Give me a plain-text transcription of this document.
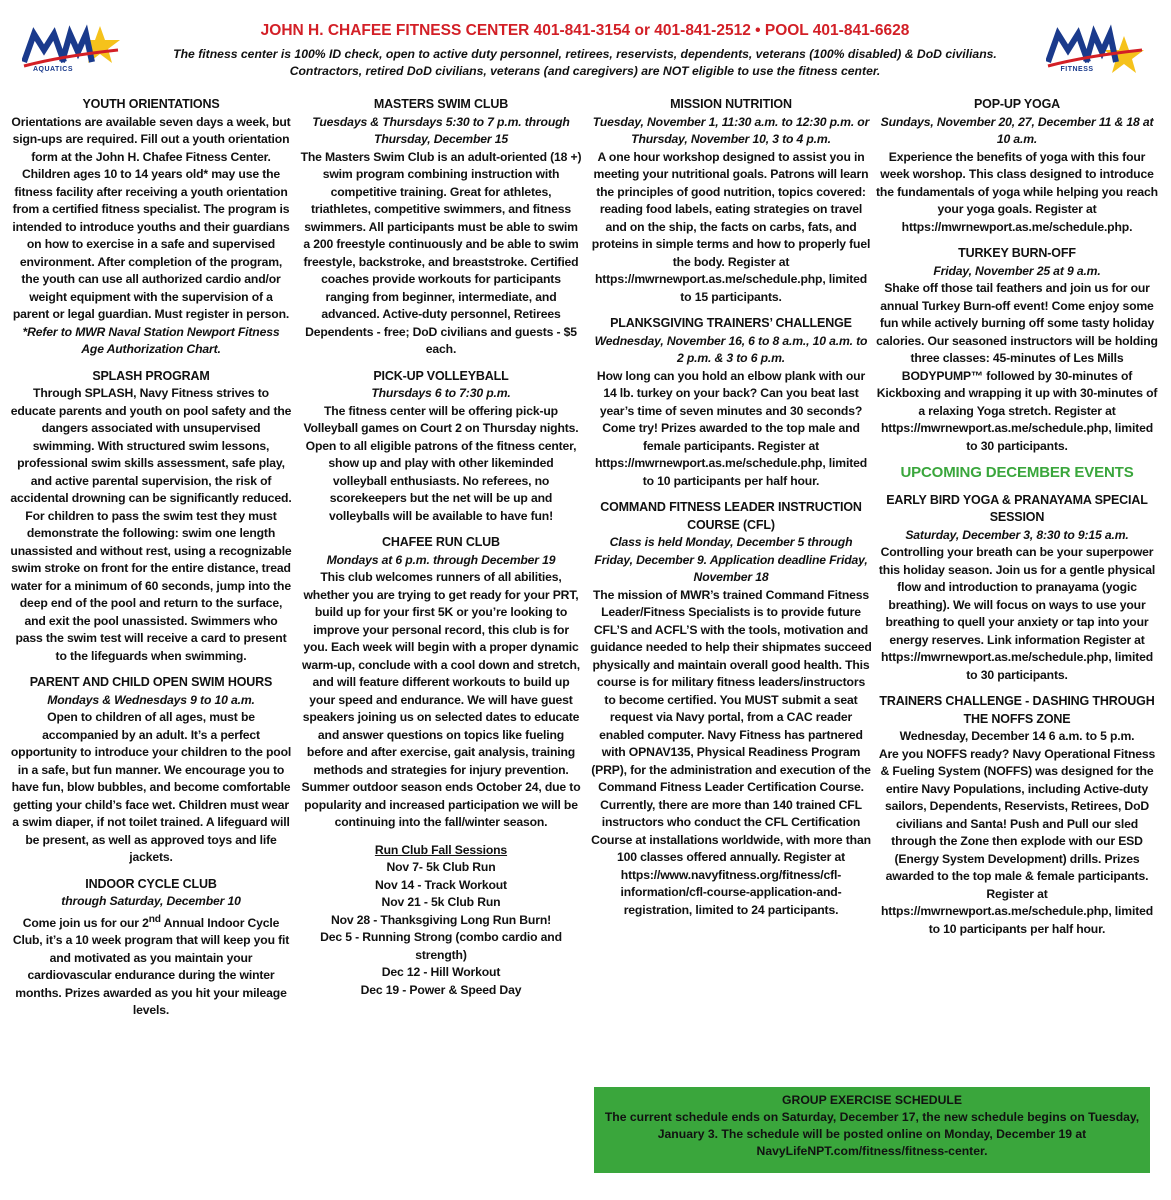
AQUATICS
JOHN H. CHAFEE FITNESS CENTER 401-841-3154 or 401-841-2512 • POOL 401-841-6628
The fitness center is 100% ID check, open to active duty personnel, retirees, reservists, dependents, veterans (100% disabled) & DoD civilians.
Contractors, retired DoD civilians, veterans (and caregivers) are NOT eligible to use the fitness center.	FITNESS

YOUTH ORIENTATIONS

Orientations are available seven days a week, but sign-ups are required. Fill out a youth orientation form at the John H. Chafee Fitness Center. Children ages 10 to 14 years old* may use the fitness facility after receiving a youth orientation from a certified fitness specialist. The program is intended to introduce youths and their guardians on how to exercise in a safe and supervised environment. After completion of the program, the youth can use all authorized cardio and/or weight equipment with the supervision of a parent or legal guardian. Must register in person. *Refer to MWR Naval Station Newport Fitness Age Authorization Chart.

SPLASH PROGRAM

Through SPLASH, Navy Fitness strives to educate parents and youth on pool safety and the dangers associated with unsupervised swimming. With structured swim lessons, professional swim skills assessment, safe play, and active parental supervision, the risk of accidental drowning can be significantly reduced. For children to pass the swim test they must demonstrate the following: swim one length unassisted and without rest, using a recognizable swim stroke on front for the entire distance, tread water for a minimum of 60 seconds, jump into the deep end of the pool and return to the surface, and exit the pool unassisted. Swimmers who pass the swim test will receive a card to present to the lifeguards when swimming.

PARENT AND CHILD OPEN SWIM HOURS

Mondays & Wednesdays 9 to 10 a.m.

Open to children of all ages, must be accompanied by an adult. It’s a perfect opportunity to introduce your children to the pool in a safe, but fun manner. We encourage you to have fun, blow bubbles, and become comfortable getting your child’s face wet. Children must wear a swim diaper, if not toilet trained. A lifeguard will be present, as well as approved toys and life jackets.

INDOOR CYCLE CLUB

through Saturday, December 10

Come join us for our 2nd Annual Indoor Cycle Club, it’s a 10 week program that will keep you fit and motivated as you maintain your cardiovascular endurance during the winter months. Prizes awarded as you hit your mileage levels.

MASTERS SWIM CLUB

Tuesdays & Thursdays 5:30 to 7 p.m. through Thursday, December 15

The Masters Swim Club is an adult-oriented (18 +) swim program combining instruction with competitive training. Great for athletes, triathletes, competitive swimmers, and fitness swimmers. All participants must be able to swim a 200 freestyle continuously and be able to swim freestyle, backstroke, and breaststroke. Certified coaches provide workouts for participants ranging from beginner, intermediate, and advanced. Active-duty personnel, Retirees Dependents - free; DoD civilians and guests - $5 each.

PICK-UP VOLLEYBALL

Thursdays 6 to 7:30 p.m.

The fitness center will be offering pick-up Volleyball games on Court 2 on Thursday nights. Open to all eligible patrons of the fitness center, show up and play with other likeminded volleyball enthusiasts. No referees, no scorekeepers but the net will be up and volleyballs will be available to have fun!

CHAFEE RUN CLUB

Mondays at 6 p.m. through December 19

This club welcomes runners of all abilities, whether you are trying to get ready for your PRT, build up for your first 5K or you’re looking to improve your personal record, this club is for you. Each week will begin with a proper dynamic warm-up, conclude with a cool down and stretch, and will feature different workouts to build up your speed and endurance. We will have guest speakers joining us on selected dates to educate and answer questions on topics like fueling before and after exercise, gait analysis, training methods and strategies for injury prevention. Summer outdoor season ends October 24, due to popularity and increased participation we will be continuing into the fall/winter season.

Run Club Fall Sessions

Nov 7- 5k Club Run
Nov 14 - Track Workout
Nov 21 - 5k Club Run
Nov 28 - Thanksgiving Long Run Burn!
Dec 5 - Running Strong (combo cardio and strength)
Dec 12 - Hill Workout
Dec 19 - Power & Speed Day

MISSION NUTRITION

Tuesday, November 1, 11:30 a.m. to 12:30 p.m. or Thursday, November 10, 3 to 4 p.m.

A one hour workshop designed to assist you in meeting your nutritional goals. Patrons will learn the principles of good nutrition, topics covered: reading food labels, eating strategies on travel and on the ship, the facts on carbs, fats, and proteins in simple terms and how to properly fuel the body. Register at https://mwrnewport.as.me/schedule.php, limited to 15 participants.

PLANKSGIVING TRAINERS’ CHALLENGE

Wednesday, November 16, 6 to 8 a.m., 10 a.m. to 2 p.m. & 3 to 6 p.m.

How long can you hold an elbow plank with our 14 lb. turkey on your back? Can you beat last year’s time of seven minutes and 30 seconds? Come try! Prizes awarded to the top male and female participants. Register at https://mwrnewport.as.me/schedule.php, limited to 10 participants per half hour.

COMMAND FITNESS LEADER INSTRUCTION COURSE (CFL)

Class is held Monday, December 5 through Friday, December 9. Application deadline Friday, November 18

The mission of MWR’s trained Command Fitness Leader/Fitness Specialists is to provide future CFL’S and ACFL’S with the tools, motivation and guidance needed to help their shipmates succeed physically and maintain overall good health. This course is for military fitness leaders/instructors to become certified. You MUST submit a seat request via Navy portal, from a CAC reader enabled computer. Navy Fitness has partnered with OPNAV135, Physical Readiness Program (PRP), for the administration and execution of the Command Fitness Leader Certification Course. Currently, there are more than 140 trained CFL instructors who conduct the CFL Certification Course at installations worldwide, with more than 100 classes offered annually. Register at https://www.navyfitness.org/fitness/cfl-information/cfl-course-application-and-registration, limited to 24 participants.

POP-UP YOGA

Sundays, November 20, 27, December 11 & 18 at 10 a.m.

Experience the benefits of yoga with this four week worshop. This class designed to introduce the fundamentals of yoga while helping you reach your yoga goals. Register at https://mwrnewport.as.me/schedule.php.

TURKEY BURN-OFF

Friday, November 25 at 9 a.m.

Shake off those tail feathers and join us for our annual Turkey Burn-off event! Come enjoy some fun while actively burning off some tasty holiday calories. Our seasoned instructors will be holding three classes: 45-minutes of Les Mills BODYPUMP™ followed by 30-minutes of Kickboxing and wrapping it up with 30-minutes of a relaxing Yoga stretch. Register at https://mwrnewport.as.me/schedule.php, limited to 30 participants.

UPCOMING DECEMBER EVENTS

EARLY BIRD YOGA & PRANAYAMA SPECIAL SESSION

Saturday, December 3, 8:30 to 9:15 a.m.

Controlling your breath can be your superpower this holiday season. Join us for a gentle physical flow and introduction to pranayama (yogic breathing). We will focus on ways to use your breathing to quell your anxiety or tap into your energy reserves. Link information Register at https://mwrnewport.as.me/schedule.php, limited to 30 participants.

TRAINERS CHALLENGE - DASHING THROUGH THE NOFFS ZONE

Wednesday, December 14 6 a.m. to 5 p.m.

Are you NOFFS ready? Navy Operational Fitness & Fueling System (NOFFS) was designed for the entire Navy Populations, including Active-duty sailors, Dependents, Reservists, Retirees, DoD civilians and Santa! Push and Pull our sled through the Zone then explode with our ESD (Energy System Development) drills. Prizes awarded to the top male & female participants. Register at https://mwrnewport.as.me/schedule.php, limited to 10 participants per half hour.

GROUP EXERCISE SCHEDULE

The current schedule ends on Saturday, December 17, the new schedule begins on Tuesday, January 3. The schedule will be posted online on Monday, December 19 at NavyLifeNPT.com/fitness/fitness-center.
